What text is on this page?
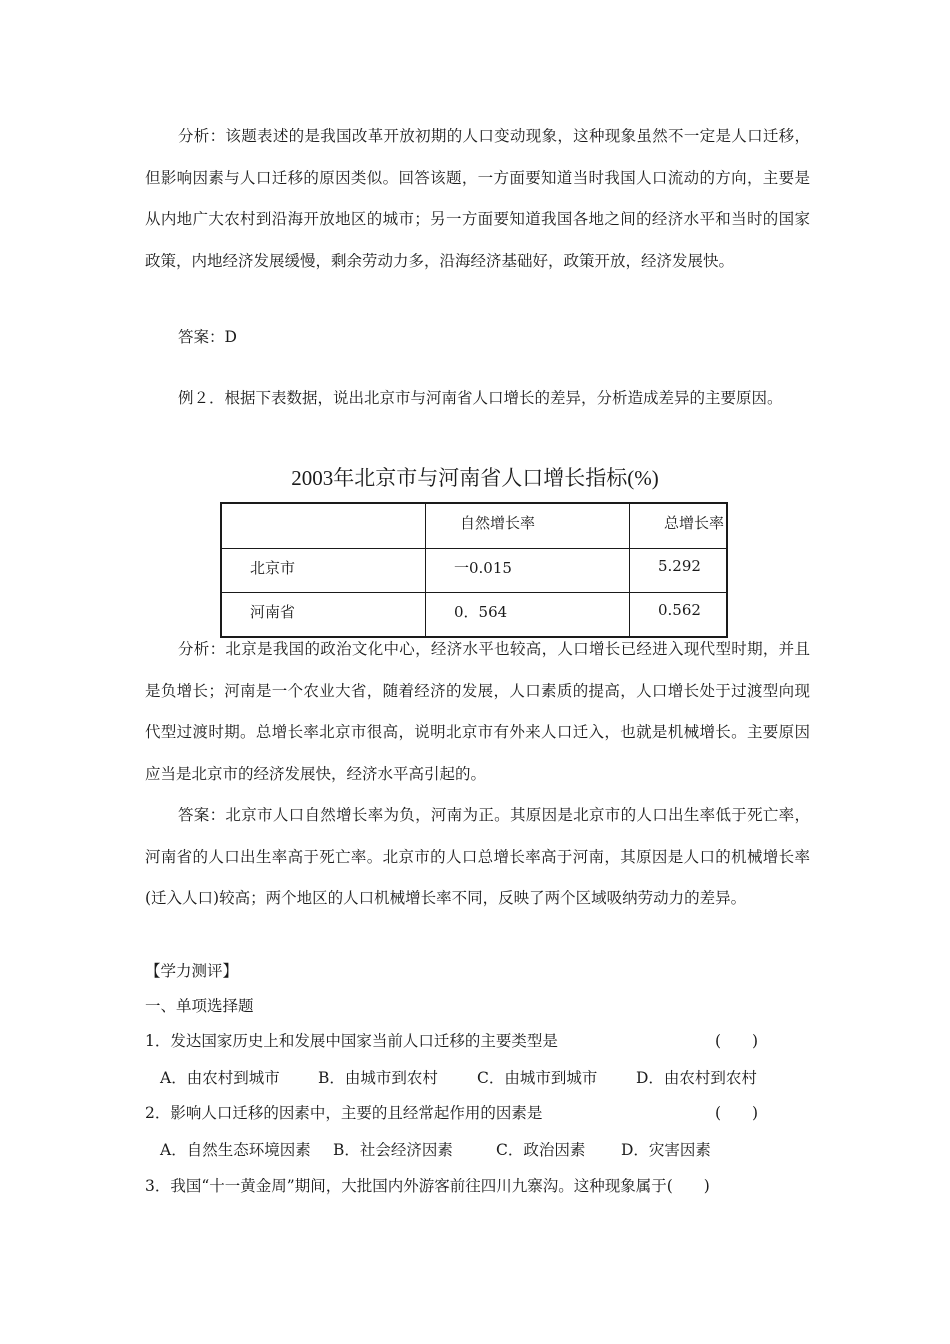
分析：该题表述的是我国改革开放初期的人口变动现象，这种现象虽然不一定是人口迁移，但影响因素与人口迁移的原因类似。回答该题，一方面要知道当时我国人口流动的方向，主要是从内地广大农村到沿海开放地区的城市；另一方面要知道我国各地之间的经济水平和当时的国家政策，内地经济发展缓慢，剩余劳动力多，沿海经济基础好，政策开放，经济发展快。
答案：D
例２．根据下表数据，说出北京市与河南省人口增长的差异，分析造成差异的主要原因。
2003年北京市与河南省人口增长指标(%)
	自然增长率	总增长率
北京市	一0.015	5.292
河南省	0．564	0.562
分析：北京是我国的政治文化中心，经济水平也较高，人口增长已经进入现代型时期，并且是负增长；河南是一个农业大省，随着经济的发展，人口素质的提高，人口增长处于过渡型向现代型过渡时期。总增长率北京市很高，说明北京市有外来人口迁入，也就是机械增长。主要原因应当是北京市的经济发展快，经济水平高引起的。
答案：北京市人口自然增长率为负，河南为正。其原因是北京市的人口出生率低于死亡率，河南省的人口出生率高于死亡率。北京市的人口总增长率高于河南，其原因是人口的机械增长率(迁入人口)较高；两个地区的人口机械增长率不同，反映了两个区域吸纳劳动力的差异。
【学力测评】
一、单项选择题
1．发达国家历史上和发展中国家当前人口迁移的主要类型是	(　　)
A．由农村到城市 B．由城市到农村	C．由城市到城市 D．由农村到农村
2．影响人口迁移的因素中，主要的且经常起作用的因素是	(　　)
A．自然生态环境因素 B．社会经济因素	C．政治因素 D．灾害因素
3．我国“十一黄金周”期间，大批国内外游客前往四川九寨沟。这种现象属于(　　)
